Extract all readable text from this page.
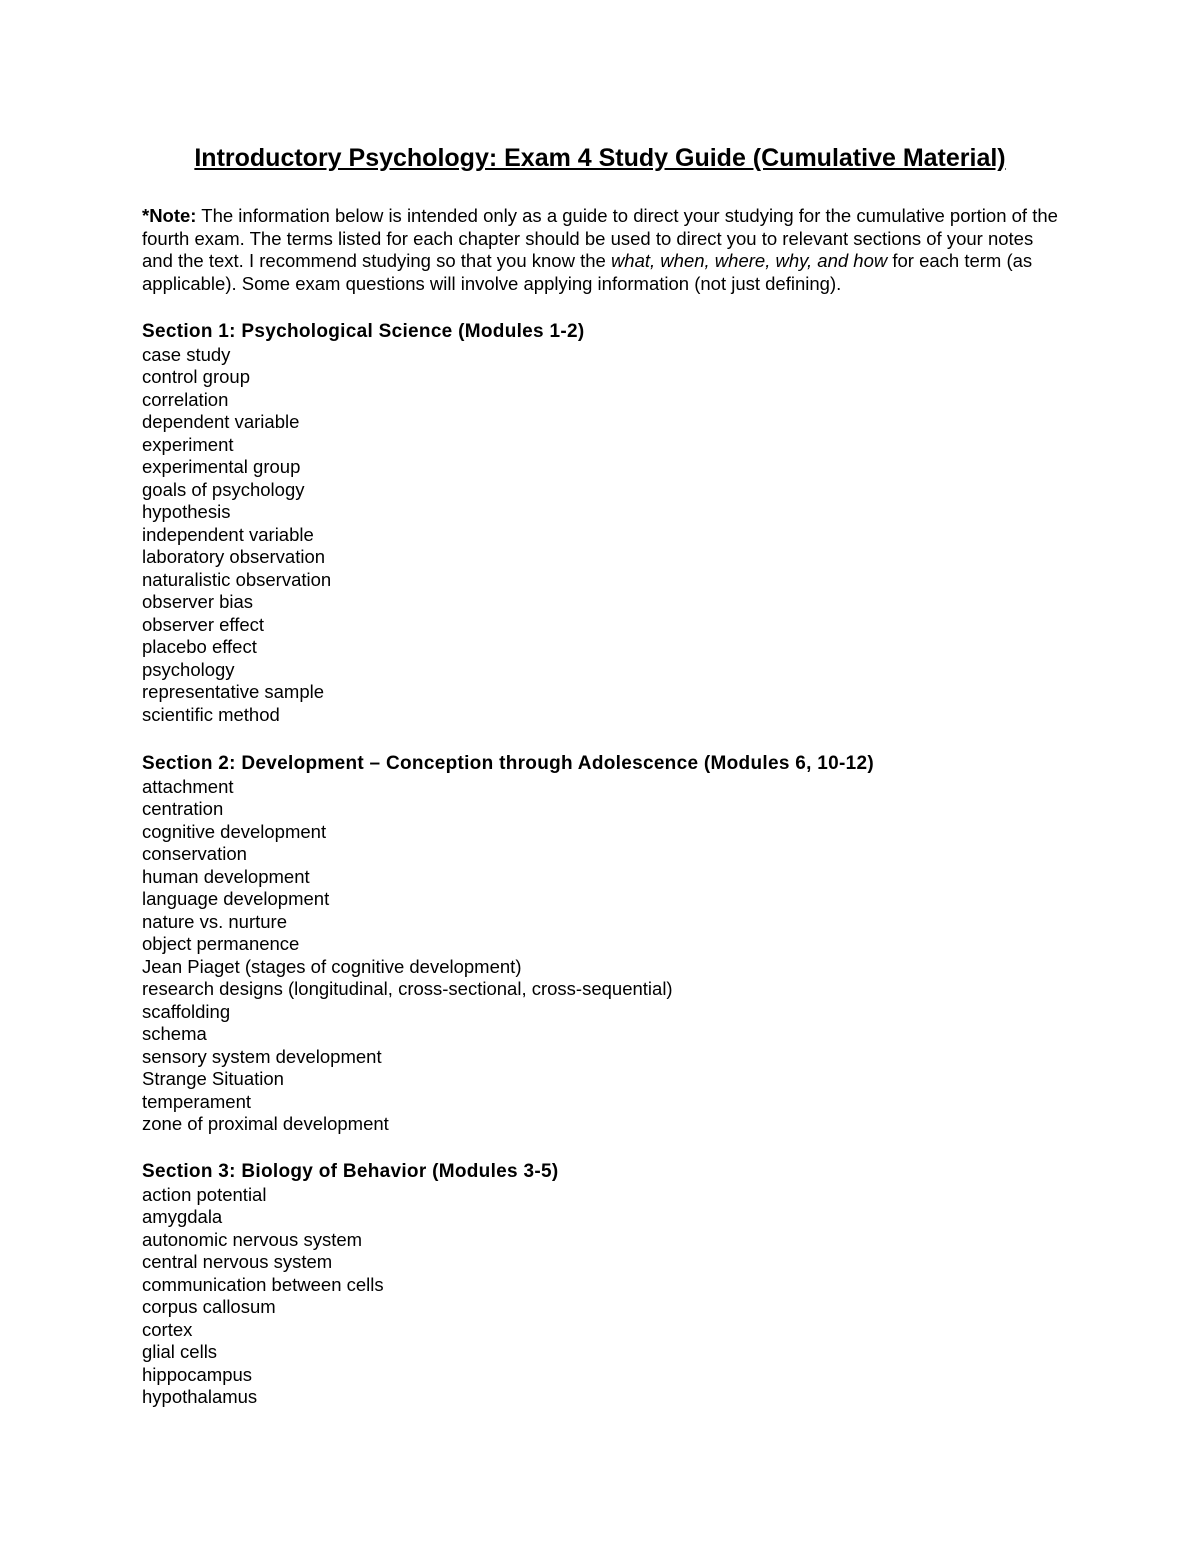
Introductory Psychology: Exam 4 Study Guide (Cumulative Material)

*Note: The information below is intended only as a guide to direct your studying for the cumulative portion of the fourth exam. The terms listed for each chapter should be used to direct you to relevant sections of your notes and the text. I recommend studying so that you know the what, when, where, why, and how for each term (as applicable). Some exam questions will involve applying information (not just defining).

Section 1: Psychological Science (Modules 1-2)
case study
control group
correlation
dependent variable
experiment
experimental group
goals of psychology
hypothesis
independent variable
laboratory observation
naturalistic observation
observer bias
observer effect
placebo effect
psychology
representative sample
scientific method
Section 2: Development – Conception through Adolescence (Modules 6, 10-12)
attachment
centration
cognitive development
conservation
human development
language development
nature vs. nurture
object permanence
Jean Piaget (stages of cognitive development)
research designs (longitudinal, cross-sectional, cross-sequential)
scaffolding
schema
sensory system development
Strange Situation
temperament
zone of proximal development
Section 3: Biology of Behavior (Modules 3-5)
action potential
amygdala
autonomic nervous system
central nervous system
communication between cells
corpus callosum
cortex
glial cells
hippocampus
hypothalamus
